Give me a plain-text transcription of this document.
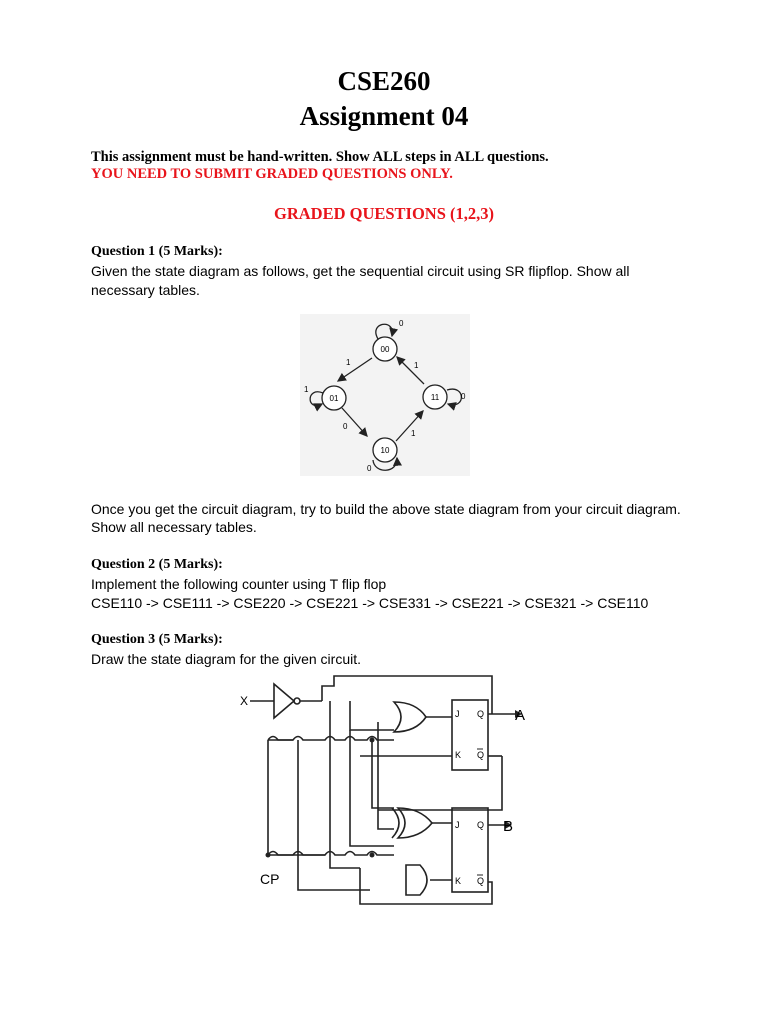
CSE260
Assignment 04
This assignment must be hand-written. Show ALL steps in ALL questions.
YOU NEED TO SUBMIT GRADED QUESTIONS ONLY.
GRADED QUESTIONS (1,2,3)
Question 1 (5 Marks):
Given the state diagram as follows, get the sequential circuit using SR flipflop. Show all
necessary tables.
00
01	11
10
0
1
1
0
0
1
0
1
Once you get the circuit diagram, try to build the above state diagram from your circuit diagram.
Show all necessary tables.
Question 2 (5 Marks):
Implement the following counter using T flip flop
CSE110 -> CSE111 -> CSE220 -> CSE221 -> CSE331 -> CSE221 -> CSE321 -> CSE110
Question 3 (5 Marks):
Draw the state diagram for the given circuit.
X
CP
A
B
J Q
K Q
J Q
K Q
